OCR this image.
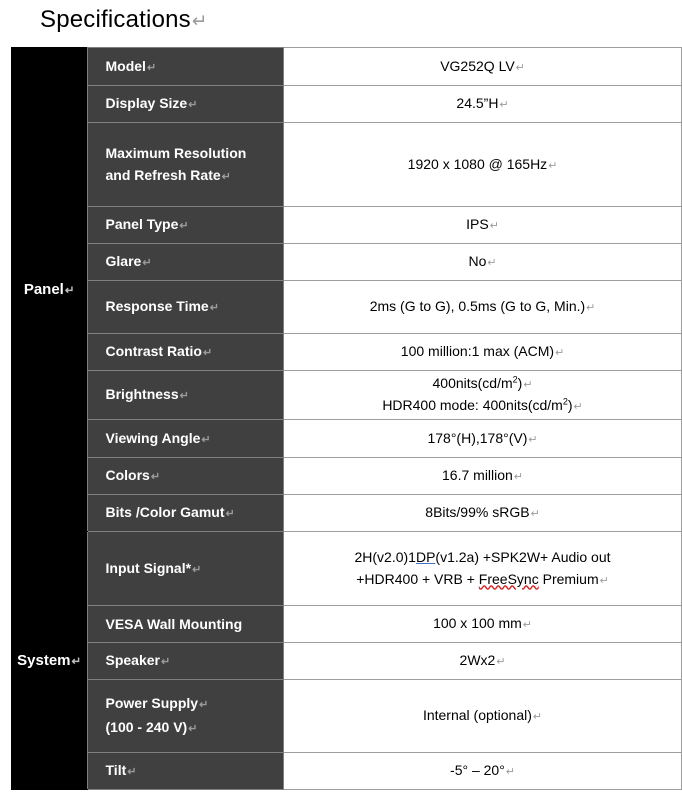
Specifications↵
Panel↵	Model↵	VG252Q LV↵
	Display Size↵	24.5”H↵
	Maximum Resolution
and Refresh Rate↵	1920 x 1080 @ 165Hz↵
	Panel Type↵	IPS↵
	Glare↵	No↵
	Response Time↵	2ms (G to G), 0.5ms (G to G, Min.)↵
	Contrast Ratio↵	100 million:1 max (ACM)↵
	Brightness↵	$400nits(cd/m^2)↵$
HDR400 mode: $400nits(cd/m^2)↵$
	Viewing Angle↵	178°(H),178°(V)↵
	Colors↵	16.7 million↵
	Bits /Color Gamut↵	8Bits/99% sRGB↵
System↵	Input Signal*↵	2H(v2.0)1DP(v1.2a) +SPK2W+ Audio out
+HDR400 + VRB + FreeSync Premium↵
	VESA Wall Mounting	100 x 100 mm↵
	Speaker↵	2Wx2↵
	Power Supply↵
(100 - 240 V)↵	Internal (optional)↵
	Tilt↵	-5° – 20°↵
